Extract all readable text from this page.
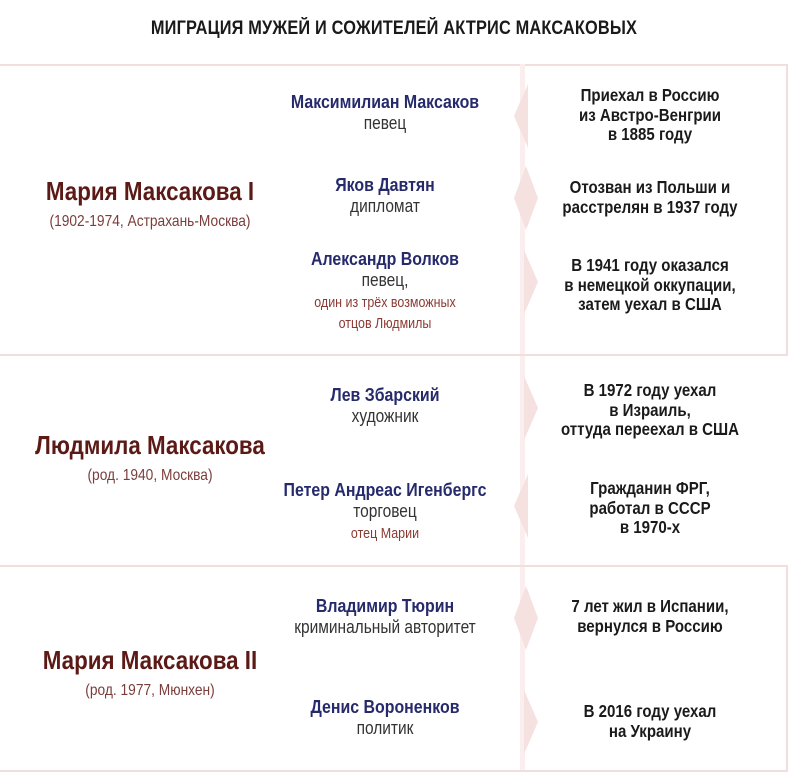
МИГРАЦИЯ МУЖЕЙ И СОЖИТЕЛЕЙ АКТРИС МАКСАКОВЫХ
Мария Максакова I
(1902-1974, Астрахань-Москва)
Максимилиан Максаков
певец
Приехал в Россию
из Австро-Венгрии
в 1885 году
Яков Давтян
дипломат
Отозван из Польши и
расстрелян в 1937 году
Александр Волков
певец,
один из трёх возможных
отцов Людмилы
В 1941 году оказался
в немецкой оккупации,
затем уехал в США
Людмила Максакова
(род. 1940, Москва)
Лев Збарский
художник
В 1972 году уехал
в Израиль,
оттуда переехал в США
Петер Андреас Игенбергс
торговец
отец Марии
Гражданин ФРГ,
работал в СССР
в 1970-х
Мария Максакова II
(род. 1977, Мюнхен)
Владимир Тюрин
криминальный авторитет
7 лет жил в Испании,
вернулся в Россию
Денис Вороненков
политик
В 2016 году уехал
на Украину
